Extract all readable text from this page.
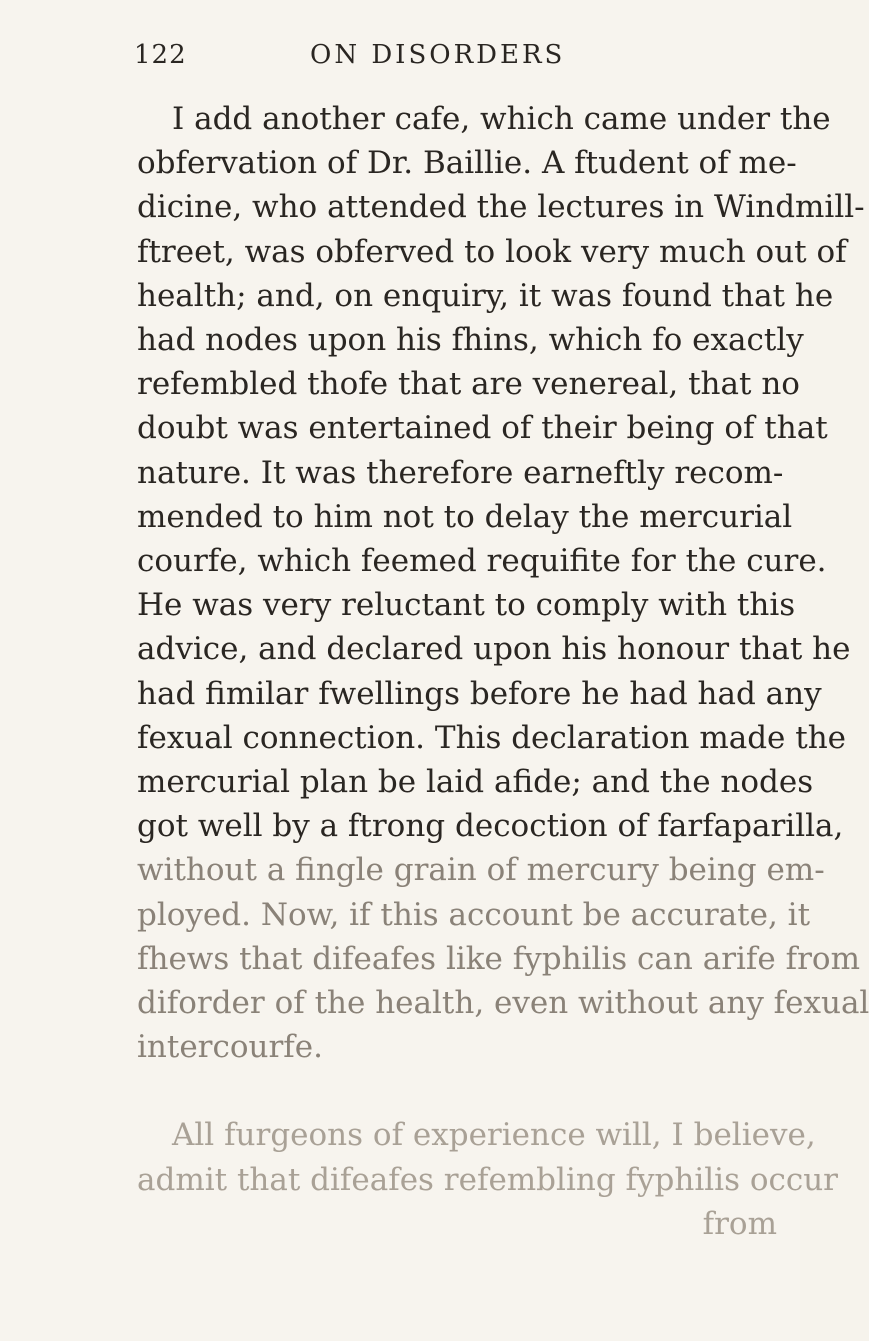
122	ON DISORDERS
I add another cafe, which came under the
obfervation of Dr. Baillie. A ftudent of me-
dicine, who attended the lectures in Windmill-
ftreet, was obferved to look very much out of
health; and, on enquiry, it was found that he
had nodes upon his fhins, which fo exactly
refembled thofe that are venereal, that no
doubt was entertained of their being of that
nature. It was therefore earneftly recom-
mended to him not to delay the mercurial
courfe, which feemed requifite for the cure.
He was very reluctant to comply with this
advice, and declared upon his honour that he
had fimilar fwellings before he had had any
fexual connection. This declaration made the
mercurial plan be laid afide; and the nodes
got well by a ftrong decoction of farfaparilla,
without a fingle grain of mercury being em-
ployed. Now, if this account be accurate, it
fhews that difeafes like fyphilis can arife from
diforder of the health, even without any fexual
intercourfe.
All furgeons of experience will, I believe,
admit that difeafes refembling fyphilis occur
from
